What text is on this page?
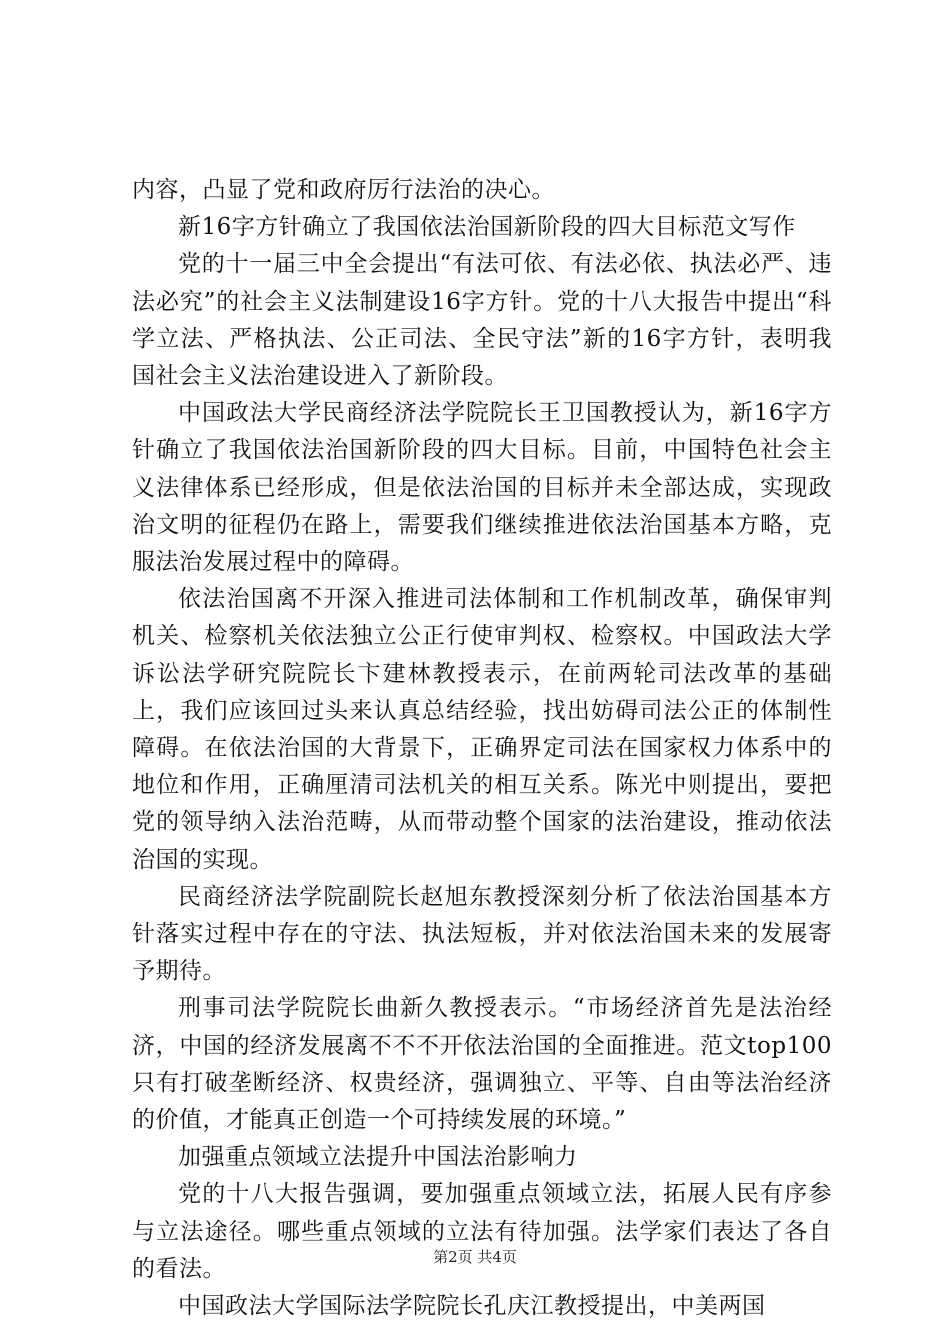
内容，凸显了党和政府厉行法治的决心。

新16字方针确立了我国依法治国新阶段的四大目标范文写作

党的十一届三中全会提出“有法可依、有法必依、执法必严、违法必究”的社会主义法制建设16字方针。党的十八大报告中提出“科学立法、严格执法、公正司法、全民守法”新的16字方针，表明我国社会主义法治建设进入了新阶段。

中国政法大学民商经济法学院院长王卫国教授认为，新16字方针确立了我国依法治国新阶段的四大目标。目前，中国特色社会主义法律体系已经形成，但是依法治国的目标并未全部达成，实现政治文明的征程仍在路上，需要我们继续推进依法治国基本方略，克服法治发展过程中的障碍。

依法治国离不开深入推进司法体制和工作机制改革，确保审判机关、检察机关依法独立公正行使审判权、检察权。中国政法大学诉讼法学研究院院长卞建林教授表示，在前两轮司法改革的基础上，我们应该回过头来认真总结经验，找出妨碍司法公正的体制性障碍。在依法治国的大背景下，正确界定司法在国家权力体系中的地位和作用，正确厘清司法机关的相互关系。陈光中则提出，要把党的领导纳入法治范畴，从而带动整个国家的法治建设，推动依法治国的实现。

民商经济法学院副院长赵旭东教授深刻分析了依法治国基本方针落实过程中存在的守法、执法短板，并对依法治国未来的发展寄予期待。

刑事司法学院院长曲新久教授表示。“市场经济首先是法治经济，中国的经济发展离不不不开依法治国的全面推进。范文top100只有打破垄断经济、权贵经济，强调独立、平等、自由等法治经济的价值，才能真正创造一个可持续发展的环境。”

加强重点领域立法提升中国法治影响力

党的十八大报告强调，要加强重点领域立法，拓展人民有序参与立法途径。哪些重点领域的立法有待加强。法学家们表达了各自的看法。

中国政法大学国际法学院院长孔庆江教授提出，中美两国

第2页 共4页
